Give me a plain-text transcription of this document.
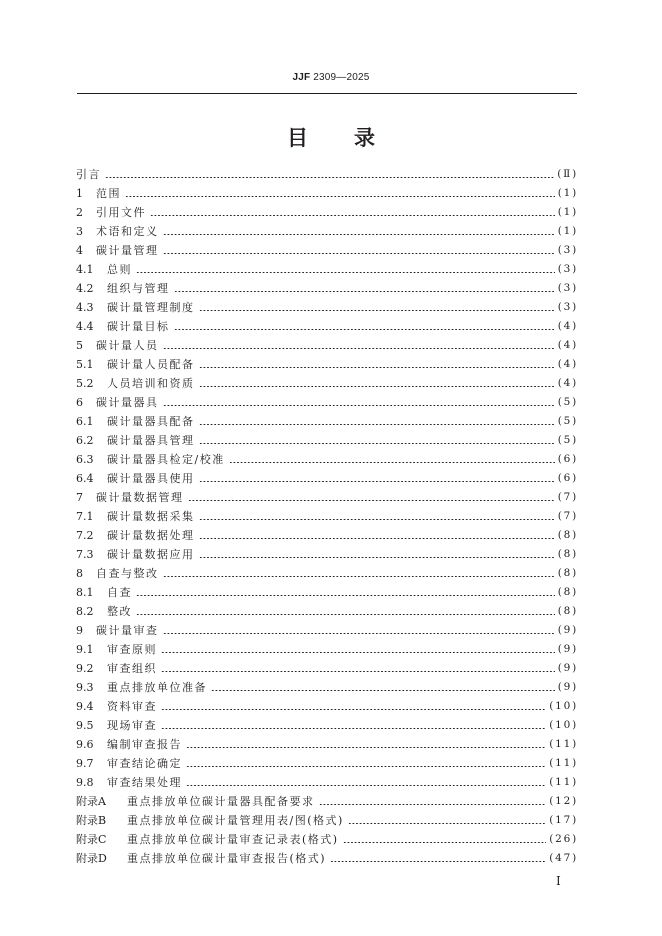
JJF 2309—2025
目 录
引言	(Ⅱ)
1	范围	(1)
2	引用文件	(1)
3	术语和定义	(1)
4	碳计量管理	(3)
4.1	总则	(3)
4.2	组织与管理	(3)
4.3	碳计量管理制度	(3)
4.4	碳计量目标	(4)
5	碳计量人员	(4)
5.1	碳计量人员配备	(4)
5.2	人员培训和资质	(4)
6	碳计量器具	(5)
6.1	碳计量器具配备	(5)
6.2	碳计量器具管理	(5)
6.3	碳计量器具检定/校准	(6)
6.4	碳计量器具使用	(6)
7	碳计量数据管理	(7)
7.1	碳计量数据采集	(7)
7.2	碳计量数据处理	(8)
7.3	碳计量数据应用	(8)
8	自查与整改	(8)
8.1	自查	(8)
8.2	整改	(8)
9	碳计量审查	(9)
9.1	审查原则	(9)
9.2	审查组织	(9)
9.3	重点排放单位准备	(9)
9.4	资料审查	(10)
9.5	现场审查	(10)
9.6	编制审查报告	(11)
9.7	审查结论确定	(11)
9.8	审查结果处理	(11)
附录A	重点排放单位碳计量器具配备要求	(12)
附录B	重点排放单位碳计量管理用表/图(格式)	(17)
附录C	重点排放单位碳计量审查记录表(格式)	(26)
附录D	重点排放单位碳计量审查报告(格式)	(47)
I
